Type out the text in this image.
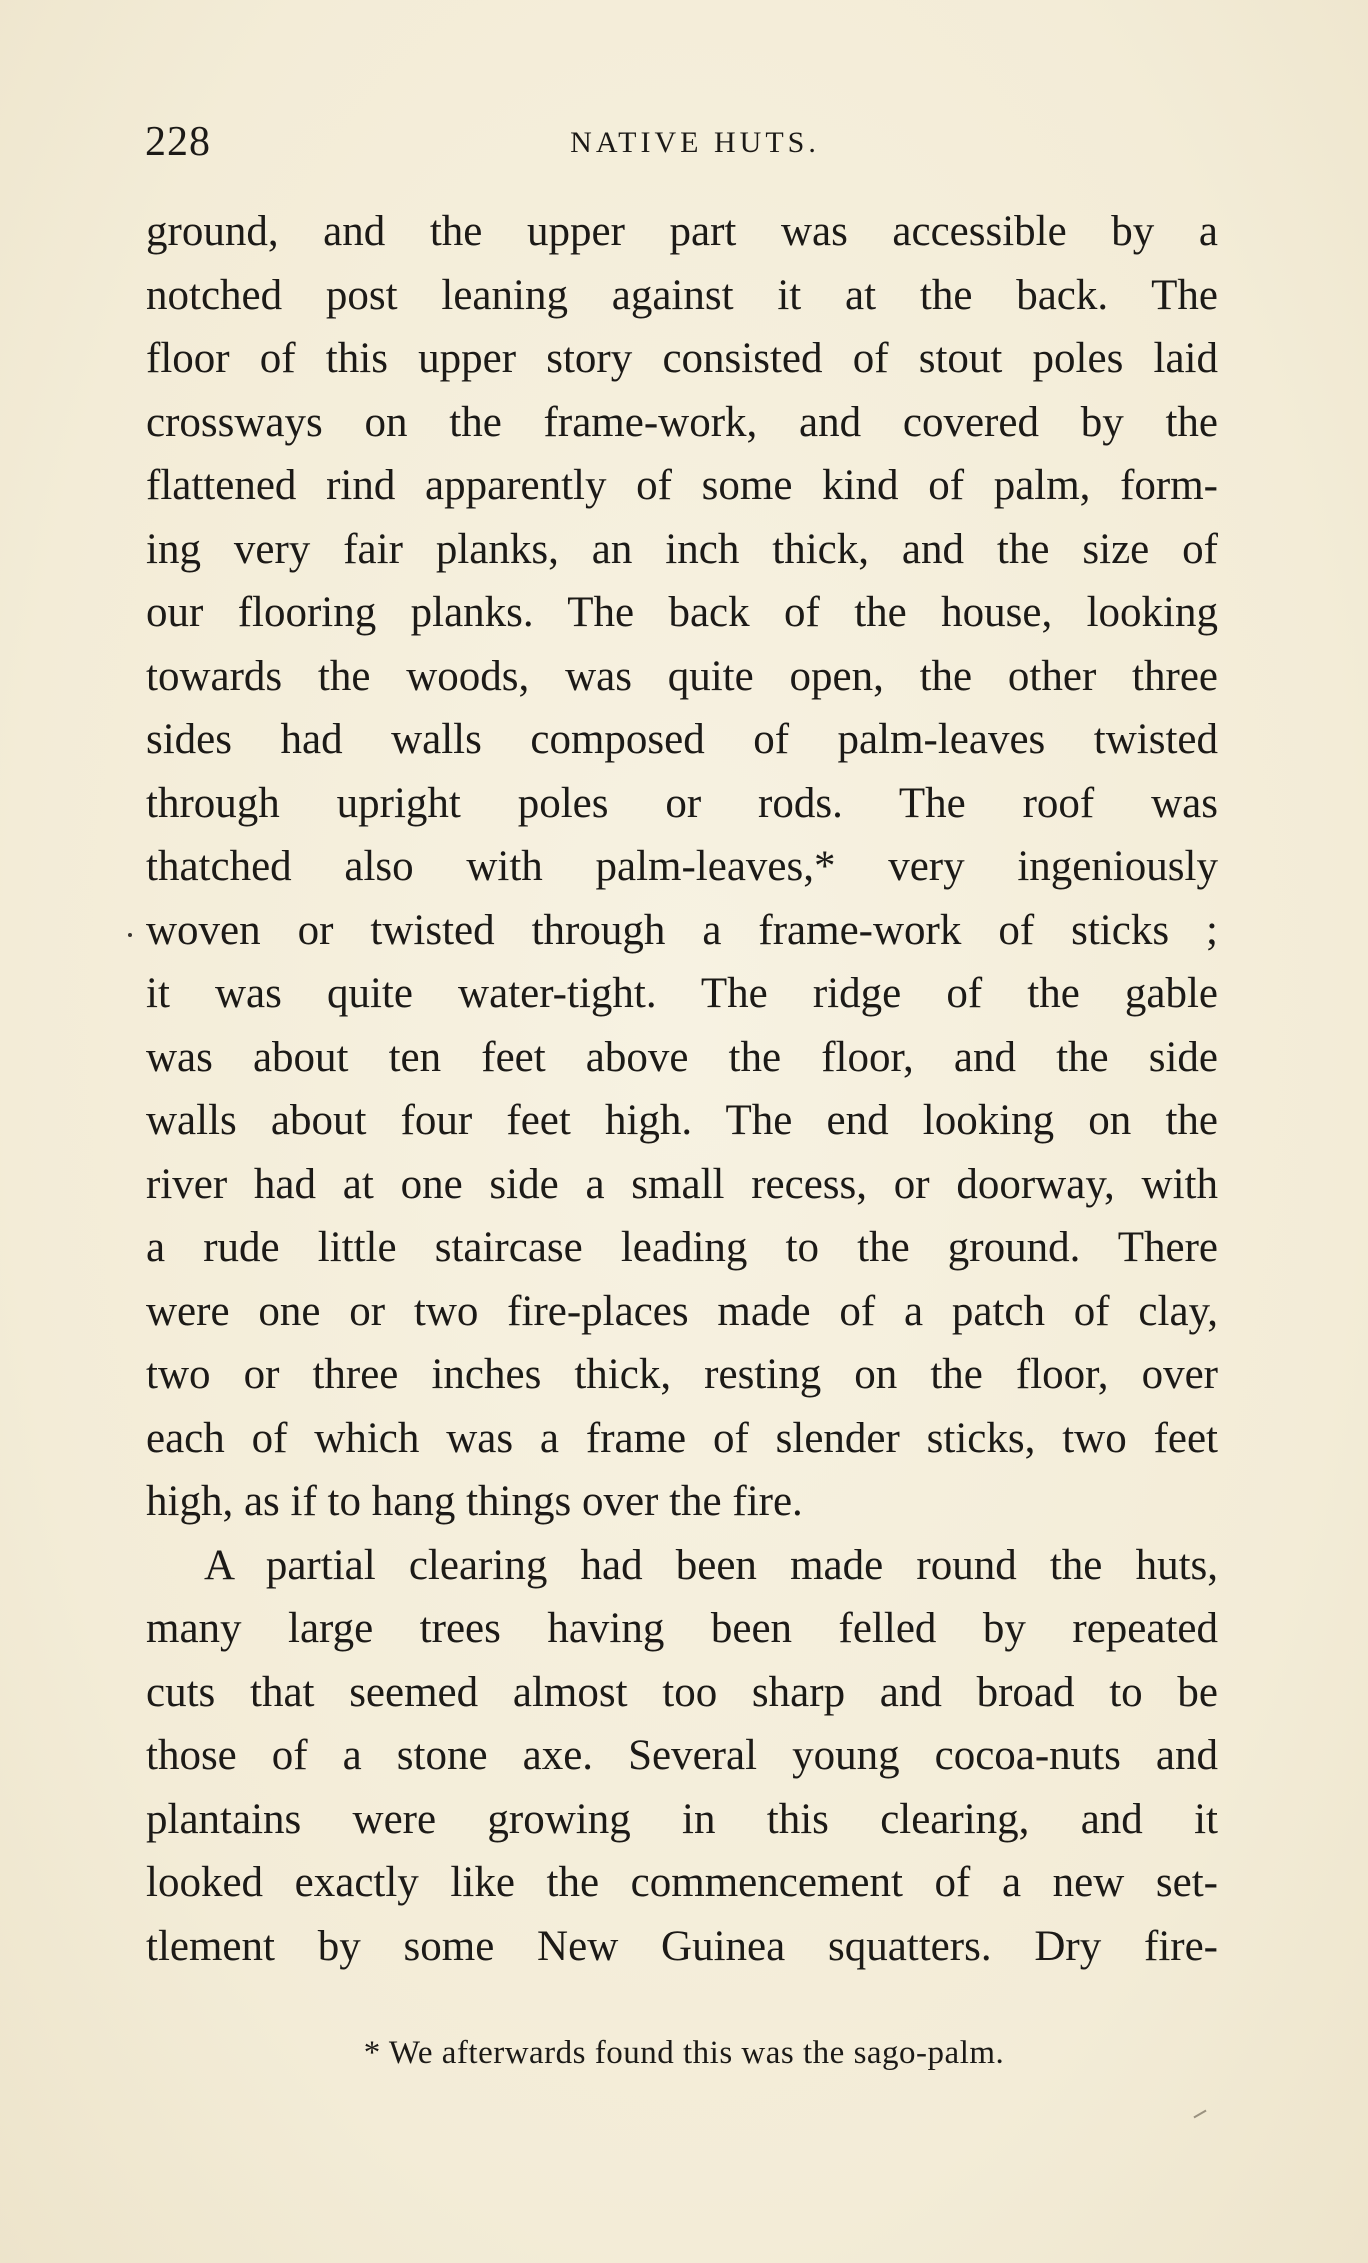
228	NATIVE HUTS.
ground, and the upper part was accessible by a
notched post leaning against it at the back. The
floor of this upper story consisted of stout poles laid
crossways on the frame-work, and covered by the
flattened rind apparently of some kind of palm, form-
ing very fair planks, an inch thick, and the size of
our flooring planks. The back of the house, looking
towards the woods, was quite open, the other three
sides had walls composed of palm-leaves twisted
through upright poles or rods. The roof was
thatched also with palm-leaves,* very ingeniously
woven or twisted through a frame-work of sticks ;
it was quite water-tight. The ridge of the gable
was about ten feet above the floor, and the side
walls about four feet high. The end looking on the
river had at one side a small recess, or doorway, with
a rude little staircase leading to the ground. There
were one or two fire-places made of a patch of clay,
two or three inches thick, resting on the floor, over
each of which was a frame of slender sticks, two feet
high, as if to hang things over the fire.
A partial clearing had been made round the huts,
many large trees having been felled by repeated
cuts that seemed almost too sharp and broad to be
those of a stone axe. Several young cocoa-nuts and
plantains were growing in this clearing, and it
looked exactly like the commencement of a new set-
tlement by some New Guinea squatters. Dry fire-
* We afterwards found this was the sago-palm.
